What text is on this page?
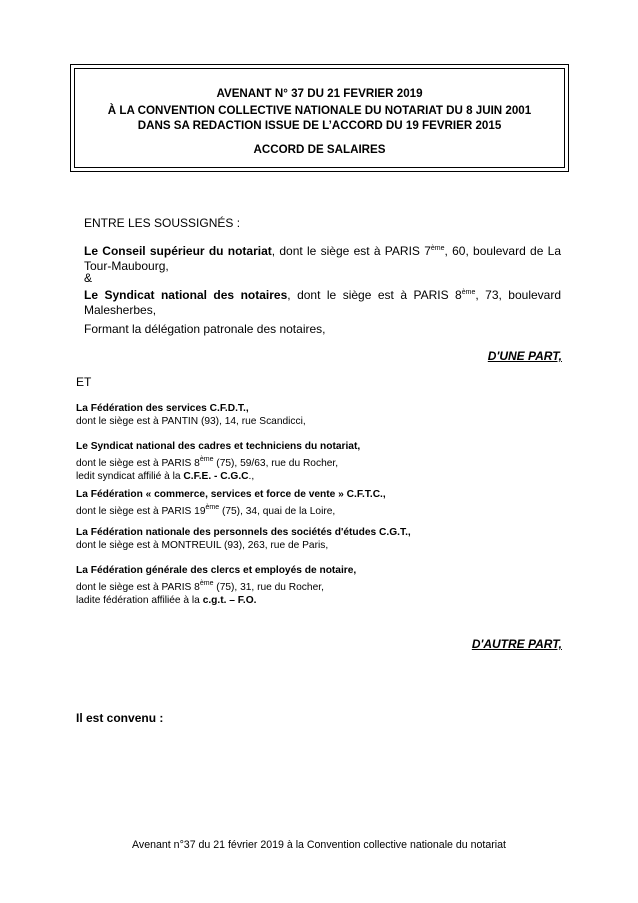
AVENANT N° 37 DU 21 FEVRIER 2019
À LA CONVENTION COLLECTIVE NATIONALE DU NOTARIAT DU 8 JUIN 2001
DANS SA REDACTION ISSUE DE L’ACCORD DU 19 FEVRIER 2015
ACCORD DE SALAIRES
ENTRE LES SOUSSIGNÉS :
Le Conseil supérieur du notariat, dont le siège est à PARIS 7ème, 60, boulevard de La Tour-Maubourg,
&
Le Syndicat national des notaires, dont le siège est à PARIS 8ème, 73, boulevard Malesherbes,
Formant la délégation patronale des notaires,
D'UNE PART,
ET
La Fédération des services C.F.D.T.,
dont le siège est à PANTIN (93), 14, rue Scandicci,
Le Syndicat national des cadres et techniciens du notariat,
dont le siège est à PARIS 8ème (75), 59/63, rue du Rocher,
ledit syndicat affilié à la C.F.E. - C.G.C.,
La Fédération « commerce, services et force de vente » C.F.T.C.,
dont le siège est à PARIS 19ème (75), 34, quai de la Loire,
La Fédération nationale des personnels des sociétés d'études C.G.T.,
dont le siège est à MONTREUIL (93), 263, rue de Paris,
La Fédération générale des clercs et employés de notaire,
dont le siège est à PARIS 8ème (75), 31, rue du Rocher,
ladite fédération affiliée à la c.g.t. – F.O.
D'AUTRE PART,
Il est convenu :
Avenant n°37 du 21 février 2019 à la Convention collective nationale du notariat
